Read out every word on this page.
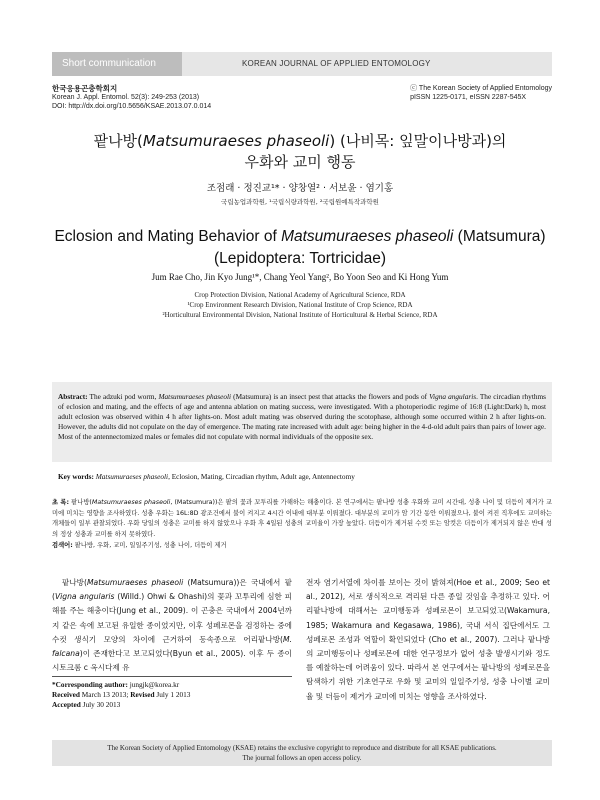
Short communication	KOREAN JOURNAL OF APPLIED ENTOMOLOGY
한국응용곤충학회지
Korean J. Appl. Entomol. 52(3): 249-253 (2013)
DOI: http://dx.doi.org/10.5656/KSAE.2013.07.0.014
ⓒ The Korean Society of Applied Entomology
pISSN 1225-0171, eISSN 2287-545X
팥나방(Matsumuraeses phaseoli) (나비목: 잎말이나방과)의
우화와 교미 행동
조점래 · 정진교¹* · 양창열² · 서보윤 · 염기홍
국립농업과학원, ¹국립식량과학원, ²국립원예특작과학원
Eclosion and Mating Behavior of Matsumuraeses phaseoli (Matsumura)
(Lepidoptera: Tortricidae)
Jum Rae Cho, Jin Kyo Jung¹*, Chang Yeol Yang², Bo Yoon Seo and Ki Hong Yum
Crop Protection Division, National Academy of Agricultural Science, RDA
¹Crop Environment Research Division, National Institute of Crop Science, RDA
²Horticultural Environmental Division, National Institute of Horticultural & Herbal Science, RDA
Abstract: The adzuki pod worm, Matsumuraeses phaseoli (Matsumura) is an insect pest that attacks the flowers and pods of Vigna angularis. The circadian rhythms of eclosion and mating, and the effects of age and antenna ablation on mating success, were investigated. With a photoperiodic regime of 16:8 (Light:Dark) h, most adult eclosion was observed within 4 h after lights-on. Most adult mating was observed during the scotophase, although some occurred within 2 h after lights-on. However, the adults did not copulate on the day of emergence. The mating rate increased with adult age: being higher in the 4-d-old adult pairs than pairs of lower age. Most of the antennectomized males or females did not copulate with normal individuals of the opposite sex.
Key words: Matsumuraeses phaseoli, Eclosion, Mating, Circadian rhythm, Adult age, Antennectomy
초 록: 팥나방(Matsumuraeses phaseoli, (Matsumura))은 팥의 꽃과 꼬투리를 가해하는 해충이다. 본 연구에서는 팥나방 성충 우화와 교미 시간대, 성충 나이 및 더듬이 제거가 교미에 미치는 영향을 조사하였다. 성충 우화는 16L:8D 광조건에서 불이 켜지고 4시간 이내에 대부분 이뤄졌다. 대부분의 교미가 암 기간 동안 이뤄졌으나, 불이 켜진 직후에도 교미하는 개체들이 일부 관찰되었다. 우화 당일의 성충은 교미를 하지 않았으나 우화 후 4일된 성충의 교미율이 가장 높았다. 더듬이가 제거된 수컷 또는 암컷은 더듬이가 제거되지 않은 반대 성의 정상 성충과 교미를 하지 못하였다.
검색어: 팥나방, 우화, 교미, 일일주기성, 성충 나이, 더듬이 제거
팥나방(Matsumuraeses phaseoli (Matsumura))은 국내에서 팥(Vigna angularis (Willd.) Ohwi & Ohashi)의 꽃과 꼬투리에 심한 피해를 주는 해충이다(Jung et al., 2009). 이 곤충은 국내에서 2004년까지 같은 속에 보고된 유일한 종이었지만, 이후 성페로몬을 검정하는 중에 수컷 생식기 모양의 차이에 근거하여 동속종으로 어리팥나방(M. falcana)이 존재한다고 보고되었다(Byun et al., 2005). 이후 두 종이 시토크롬 c 옥시다제 유
전자 염기서열에 차이를 보이는 것이 밝혀져(Hoe et al., 2009; Seo et al., 2012), 서로 생식적으로 격리된 다른 종일 것임을 추정하고 있다. 어리팥나방에 대해서는 교미행동과 성페로몬이 보고되었고(Wakamura, 1985; Wakamura and Kegasawa, 1986), 국내 서식 집단에서도 그 성페로몬 조성과 역할이 확인되었다 (Cho et al., 2007). 그러나 팥나방의 교미행동이나 성페로몬에 대한 연구정보가 없어 성충 발생시기와 정도를 예찰하는데 어려움이 있다. 따라서 본 연구에서는 팥나방의 성페로몬을 탐색하기 위한 기초연구로 우화 및 교미의 일일주기성, 성충 나이별 교미율 및 더듬이 제거가 교미에 미치는 영향을 조사하였다.
*Corresponding author: jungjk@korea.kr
Received March 13 2013; Revised July 1 2013
Accepted July 30 2013
The Korean Society of Applied Entomology (KSAE) retains the exclusive copyright to reproduce and distribute for all KSAE publications.
The journal follows an open access policy.
